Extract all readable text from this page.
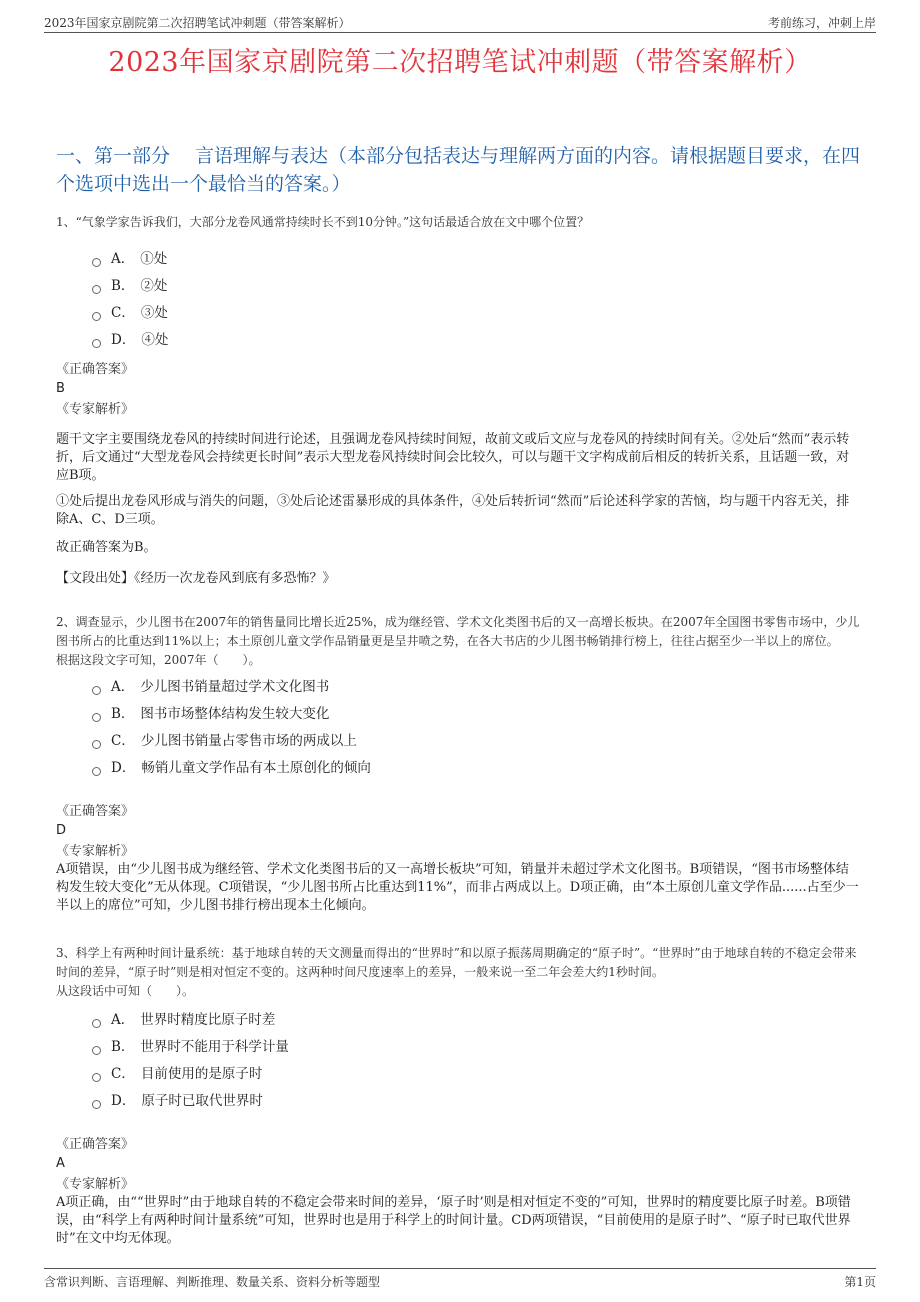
2023年国家京剧院第二次招聘笔试冲刺题（带答案解析）	考前练习，冲刺上岸
2023年国家京剧院第二次招聘笔试冲刺题（带答案解析）
一、第一部分　 言语理解与表达（本部分包括表达与理解两方面的内容。请根据题目要求，在四个选项中选出一个最恰当的答案。）
1、“气象学家告诉我们，大部分龙卷风通常持续时长不到10分钟。”这句话最适合放在文中哪个位置？
A． ①处
B． ②处
C． ③处
D． ④处
《正确答案》
B
《专家解析》
题干文字主要围绕龙卷风的持续时间进行论述，且强调龙卷风持续时间短，故前文或后文应与龙卷风的持续时间有关。②处后“然而”表示转折，后文通过“大型龙卷风会持续更长时间”表示大型龙卷风持续时间会比较久，可以与题干文字构成前后相反的转折关系，且话题一致，对应B项。
①处后提出龙卷风形成与消失的问题，③处后论述雷暴形成的具体条件，④处后转折词“然而”后论述科学家的苦恼，均与题干内容无关，排除A、C、D三项。
故正确答案为B。
【文段出处】《经历一次龙卷风到底有多恐怖？》
2、调查显示，少儿图书在2007年的销售量同比增长近25%，成为继经管、学术文化类图书后的又一高增长板块。在2007年全国图书零售市场中，少儿图书所占的比重达到11%以上；本土原创儿童文学作品销量更是呈井喷之势，在各大书店的少儿图书畅销排行榜上，往往占据至少一半以上的席位。
根据这段文字可知，2007年（　　）。
A． 少儿图书销量超过学术文化图书
B． 图书市场整体结构发生较大变化
C． 少儿图书销量占零售市场的两成以上
D． 畅销儿童文学作品有本土原创化的倾向
《正确答案》
D
《专家解析》
A项错误，由“少儿图书成为继经管、学术文化类图书后的又一高增长板块”可知，销量并未超过学术文化图书。B项错误，“图书市场整体结构发生较大变化”无从体现。C项错误，“少儿图书所占比重达到11%”，而非占两成以上。D项正确，由“本土原创儿童文学作品......占至少一半以上的席位”可知，少儿图书排行榜出现本土化倾向。
3、科学上有两种时间计量系统：基于地球自转的天文测量而得出的“世界时”和以原子振荡周期确定的“原子时”。“世界时”由于地球自转的不稳定会带来时间的差异，“原子时”则是相对恒定不变的。这两种时间尺度速率上的差异，一般来说一至二年会差大约1秒时间。
从这段话中可知（　　）。
A． 世界时精度比原子时差
B． 世界时不能用于科学计量
C． 目前使用的是原子时
D． 原子时已取代世界时
《正确答案》
A
《专家解析》
A项正确，由““世界时”由于地球自转的不稳定会带来时间的差异，‘原子时’则是相对恒定不变的”可知，世界时的精度要比原子时差。B项错误，由“科学上有两种时间计量系统”可知，世界时也是用于科学上的时间计量。CD两项错误，“目前使用的是原子时”、“原子时已取代世界时”在文中均无体现。
含常识判断、言语理解、判断推理、数量关系、资料分析等题型	第1页
